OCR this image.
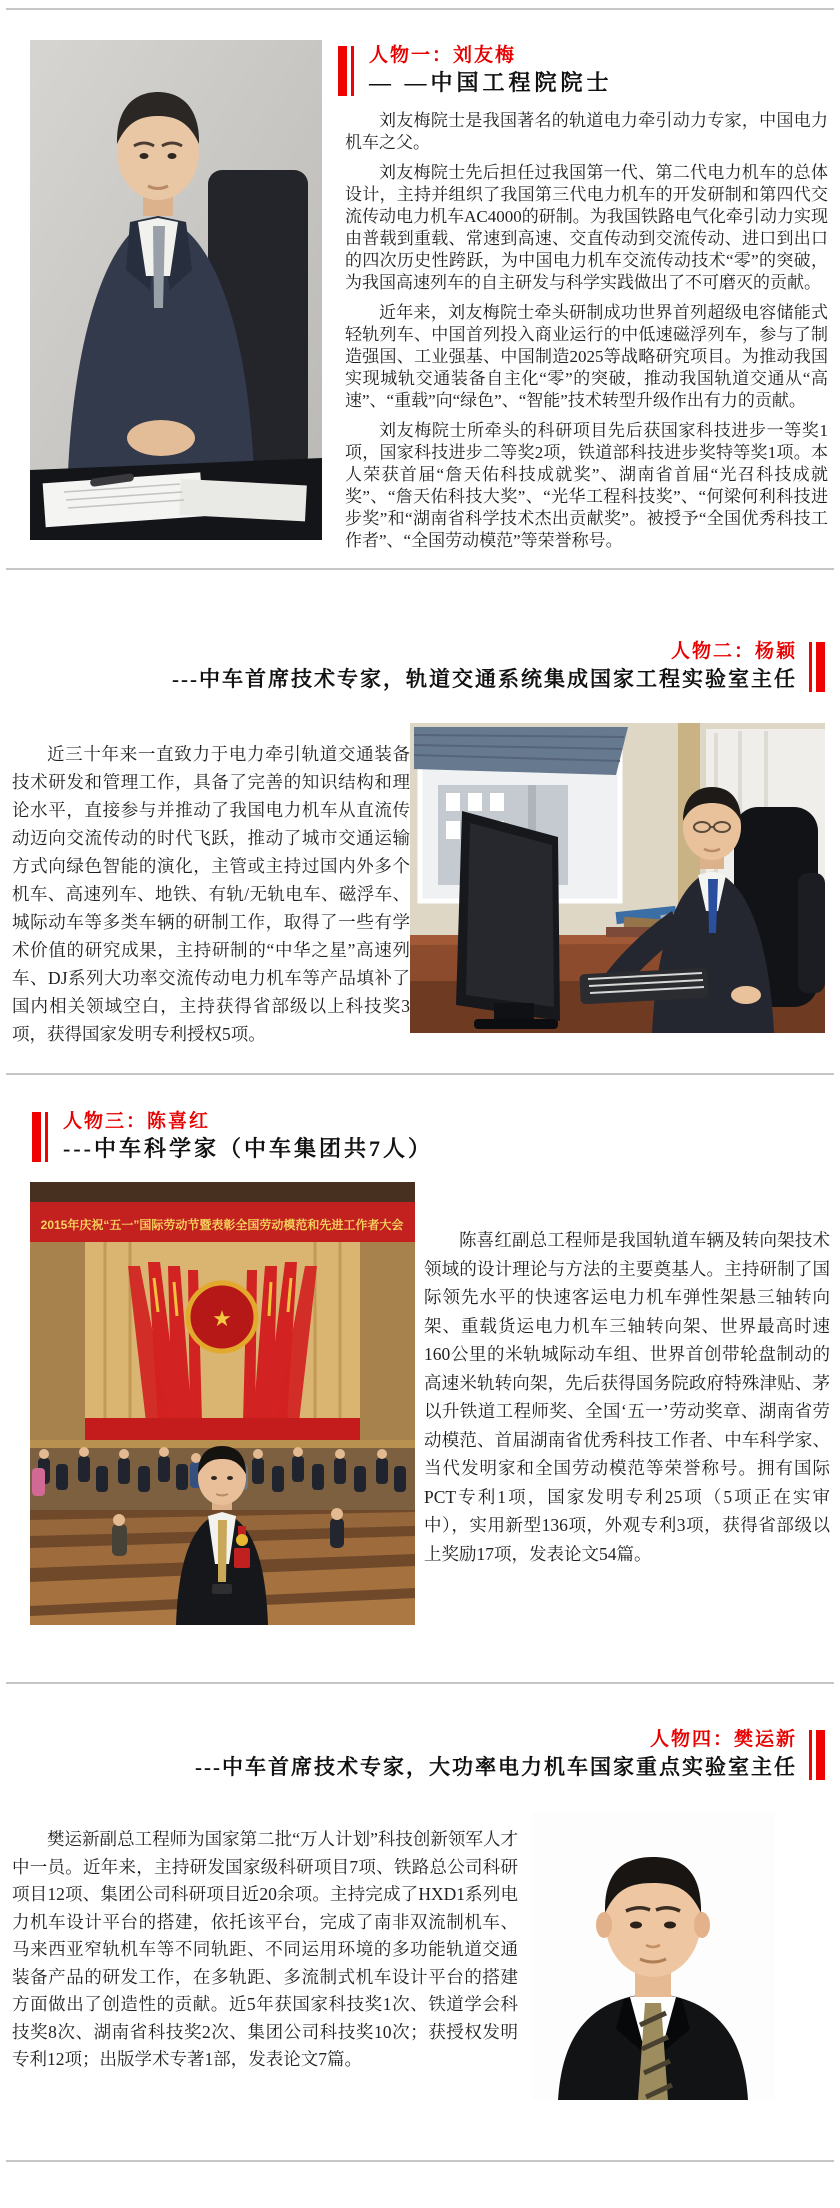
人物一：刘友梅
— —中国工程院院士

刘友梅院士是我国著名的轨道电力牵引动力专家，中国电力机车之父。

刘友梅院士先后担任过我国第一代、第二代电力机车的总体设计，主持并组织了我国第三代电力机车的开发研制和第四代交流传动电力机车AC4000的研制。为我国铁路电气化牵引动力实现由普载到重载、常速到高速、交直传动到交流传动、进口到出口的四次历史性跨跃，为中国电力机车交流传动技术“零”的突破，为我国高速列车的自主研发与科学实践做出了不可磨灭的贡献。

近年来，刘友梅院士牵头研制成功世界首列超级电容储能式轻轨列车、中国首列投入商业运行的中低速磁浮列车，参与了制造强国、工业强基、中国制造2025等战略研究项目。为推动我国实现城轨交通装备自主化“零”的突破，推动我国轨道交通从“高速”、“重载”向“绿色”、“智能”技术转型升级作出有力的贡献。

刘友梅院士所牵头的科研项目先后获国家科技进步一等奖1项，国家科技进步二等奖2项，铁道部科技进步奖特等奖1项。本人荣获首届“詹天佑科技成就奖”、湖南省首届“光召科技成就奖”、“詹天佑科技大奖”、“光华工程科技奖”、“何梁何利科技进步奖”和“湖南省科学技术杰出贡献奖”。被授予“全国优秀科技工作者”、“全国劳动模范”等荣誉称号。

人物二：杨颖
---中车首席技术专家，轨道交通系统集成国家工程实验室主任

近三十年来一直致力于电力牵引轨道交通装备技术研发和管理工作，具备了完善的知识结构和理论水平，直接参与并推动了我国电力机车从直流传动迈向交流传动的时代飞跃，推动了城市交通运输方式向绿色智能的演化，主管或主持过国内外多个机车、高速列车、地铁、有轨/无轨电车、磁浮车、城际动车等多类车辆的研制工作，取得了一些有学术价值的研究成果，主持研制的“中华之星”高速列车、DJ系列大功率交流传动电力机车等产品填补了国内相关领域空白，主持获得省部级以上科技奖3项，获得国家发明专利授权5项。

人物三：陈喜红
---中车科学家（中车集团共7人）
2015年庆祝“五一”国际劳动节暨表彰全国劳动模范和先进工作者大会
★

陈喜红副总工程师是我国轨道车辆及转向架技术领域的设计理论与方法的主要奠基人。主持研制了国际领先水平的快速客运电力机车弹性架悬三轴转向架、重载货运电力机车三轴转向架、世界最高时速160公里的米轨城际动车组、世界首创带轮盘制动的高速米轨转向架，先后获得国务院政府特殊津贴、茅以升铁道工程师奖、全国‘五一’劳动奖章、湖南省劳动模范、首届湖南省优秀科技工作者、中车科学家、当代发明家和全国劳动模范等荣誉称号。拥有国际PCT专利1项，国家发明专利25项（5项正在实审中），实用新型136项，外观专利3项，获得省部级以上奖励17项，发表论文54篇。

人物四：樊运新
---中车首席技术专家，大功率电力机车国家重点实验室主任

樊运新副总工程师为国家第二批“万人计划”科技创新领军人才中一员。近年来，主持研发国家级科研项目7项、铁路总公司科研项目12项、集团公司科研项目近20余项。主持完成了HXD1系列电力机车设计平台的搭建，依托该平台，完成了南非双流制机车、马来西亚窄轨机车等不同轨距、不同运用环境的多功能轨道交通装备产品的研发工作，在多轨距、多流制式机车设计平台的搭建方面做出了创造性的贡献。近5年获国家科技奖1次、铁道学会科技奖8次、湖南省科技奖2次、集团公司科技奖10次；获授权发明专利12项；出版学术专著1部，发表论文7篇。
